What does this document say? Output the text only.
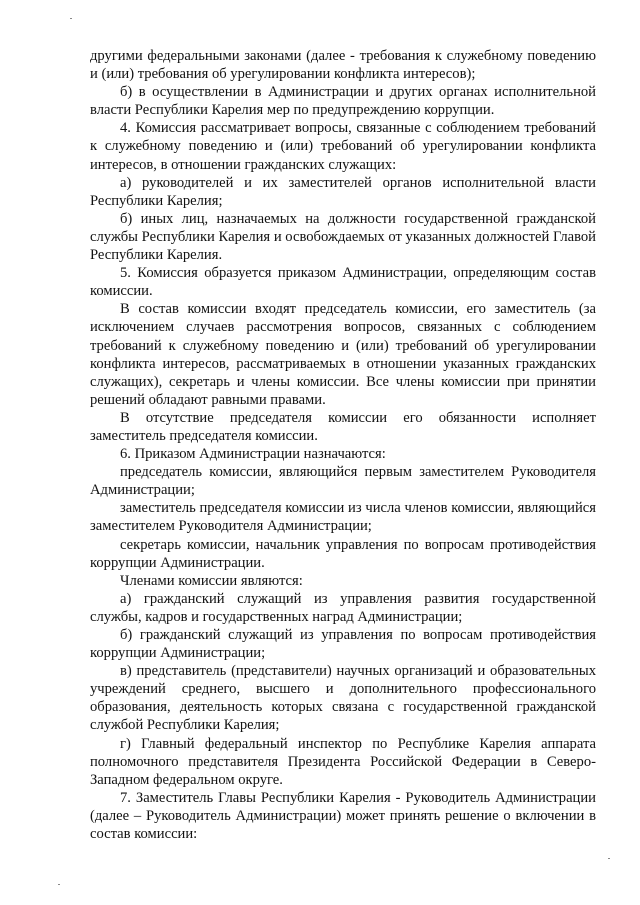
другими федеральными законами (далее - требования к служебному поведению и (или) требования об урегулировании конфликта интересов);

б) в осуществлении в Администрации и других органах исполнительной власти Республики Карелия мер по предупреждению коррупции.

4. Комиссия рассматривает вопросы, связанные с соблюдением требований к служебному поведению и (или) требований об урегулировании конфликта интересов, в отношении гражданских служащих:

а) руководителей и их заместителей органов исполнительной власти Республики Карелия;

б) иных лиц, назначаемых на должности государственной гражданской службы Республики Карелия и освобождаемых от указанных должностей Главой Республики Карелия.

5. Комиссия образуется приказом Администрации, определяющим состав комиссии.

В состав комиссии входят председатель комиссии, его заместитель (за исключением случаев рассмотрения вопросов, связанных с соблюдением требований к служебному поведению и (или) требований об урегулировании конфликта интересов, рассматриваемых в отношении указанных гражданских служащих), секретарь и члены комиссии. Все члены комиссии при принятии решений обладают равными правами.

В отсутствие председателя комиссии его обязанности исполняет заместитель председателя комиссии.

6. Приказом Администрации назначаются:

председатель комиссии, являющийся первым заместителем Руководителя Администрации;

заместитель председателя комиссии из числа членов комиссии, являющийся заместителем Руководителя Администрации;

секретарь комиссии, начальник управления по вопросам противодействия коррупции Администрации.

Членами комиссии являются:

а) гражданский служащий из управления развития государственной службы, кадров и государственных наград Администрации;

б) гражданский служащий из управления по вопросам противодействия коррупции Администрации;

в) представитель (представители) научных организаций и образовательных учреждений среднего, высшего и дополнительного профессионального образования, деятельность которых связана с государственной гражданской службой Республики Карелия;

г) Главный федеральный инспектор по Республике Карелия аппарата полномочного представителя Президента Российской Федерации в Северо-Западном федеральном округе.

7. Заместитель Главы Республики Карелия - Руководитель Администрации (далее – Руководитель Администрации) может принять решение о включении в состав комиссии:
